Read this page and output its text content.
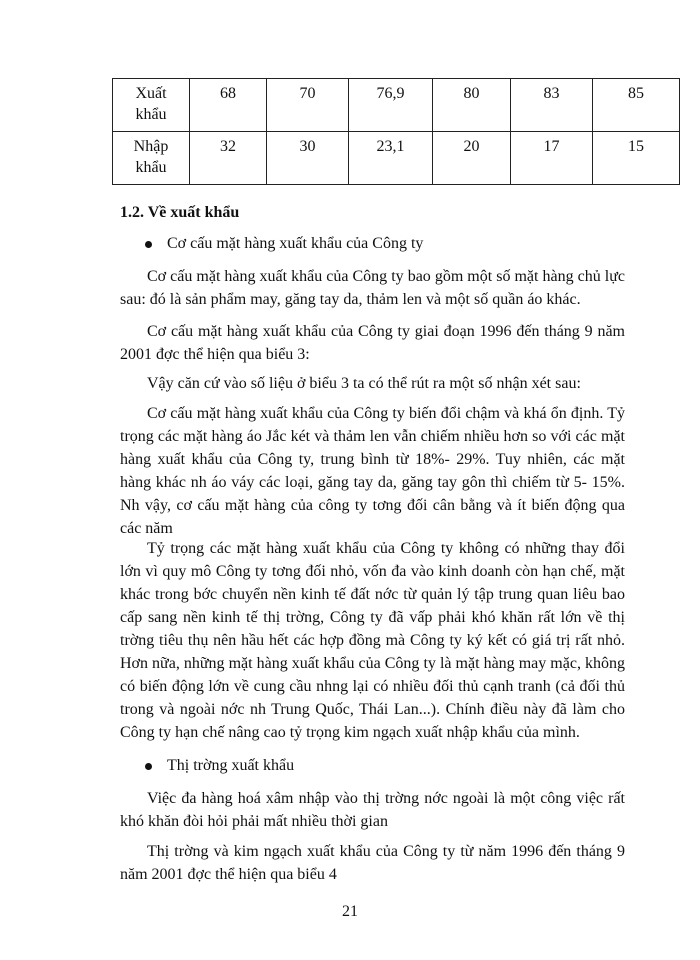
Xuất
khẩu	68	70	76,9	80	83	85
Nhập
khẩu	32	30	23,1	20	17	15
1.2. Về xuất khẩu
Cơ cấu mặt hàng xuất khẩu của Công ty
Cơ cấu mặt hàng xuất khẩu của Công ty bao gồm một số mặt hàng chủ lực sau: đó là sản phẩm may, găng tay da, thảm len và một số quần áo khác.
Cơ cấu mặt hàng xuất khẩu của Công ty giai đoạn 1996 đến tháng 9 năm 2001 đợc thể hiện qua biểu 3:
Vậy căn cứ vào số liệu ở biểu 3 ta có thể rút ra một số nhận xét sau:
Cơ cấu mặt hàng xuất khẩu của Công ty biến đổi chậm và khá ổn định. Tỷ trọng các mặt hàng áo Jắc két và thảm len vẫn chiếm nhiều hơn so với các mặt hàng xuất khẩu của Công ty, trung bình từ 18%- 29%. Tuy nhiên, các mặt hàng khác nh áo váy các loại, găng tay da, găng tay gôn thì chiếm từ 5- 15%. Nh vậy, cơ cấu mặt hàng của công ty tơng đối cân bằng và ít biến động qua các năm
Tỷ trọng các mặt hàng xuất khẩu của Công ty không có những thay đổi lớn vì quy mô Công ty tơng đối nhỏ, vốn đa vào kinh doanh còn hạn chế, mặt khác trong bớc chuyển nền kinh tế đất nớc từ quản lý tập trung quan liêu bao cấp sang nền kinh tế thị trờng, Công ty đã vấp phải khó khăn rất lớn về thị trờng tiêu thụ nên hầu hết các hợp đồng mà Công ty ký kết có giá trị rất nhỏ. Hơn nữa, những mặt hàng xuất khẩu của Công ty là mặt hàng may mặc, không có biến động lớn về cung cầu nhng lại có nhiều đối thủ cạnh tranh (cả đối thủ trong và ngoài nớc nh Trung Quốc, Thái Lan...). Chính điều này đã làm cho Công ty hạn chế nâng cao tỷ trọng kim ngạch xuất nhập khẩu của mình.
Thị trờng xuất khẩu
Việc đa hàng hoá xâm nhập vào thị trờng nớc ngoài là một công việc rất khó khăn đòi hỏi phải mất nhiều thời gian
Thị trờng và kim ngạch xuất khẩu của Công ty từ năm 1996 đến tháng 9 năm 2001 đợc thể hiện qua biểu 4
21
